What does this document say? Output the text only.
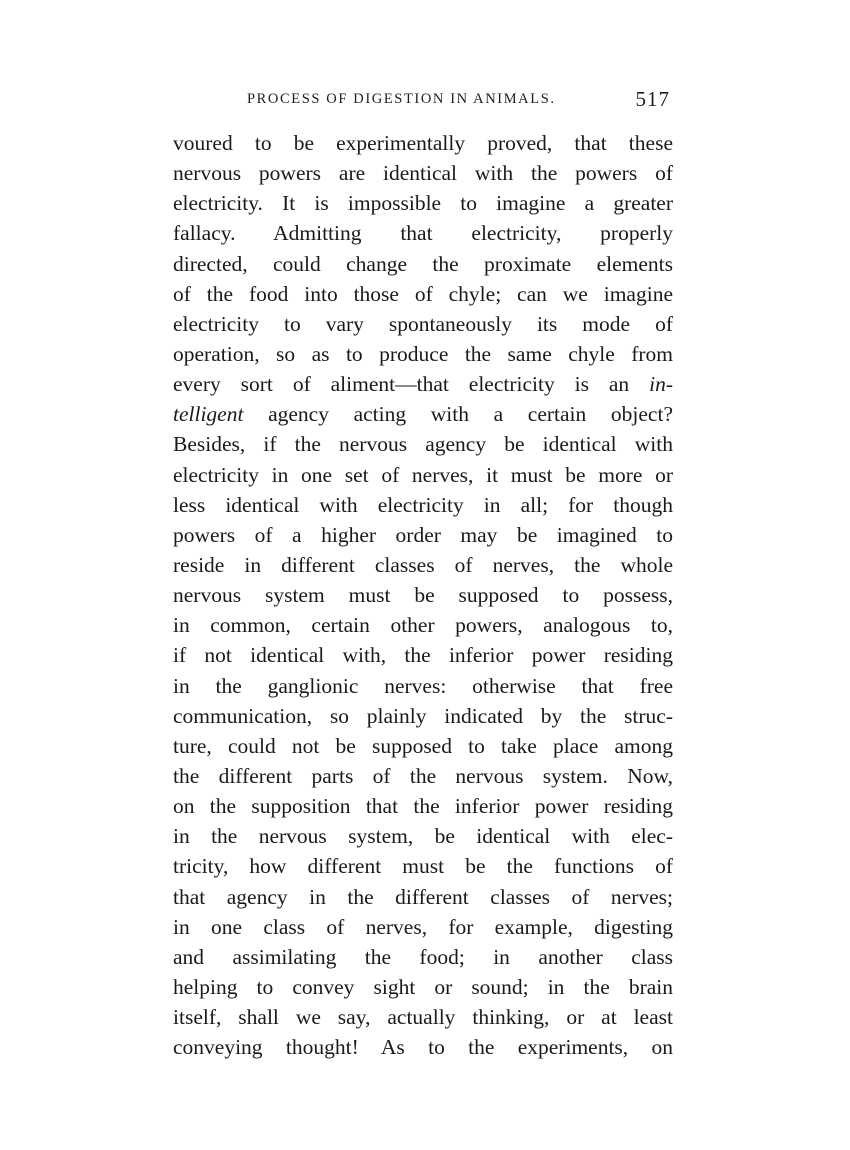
PROCESS OF DIGESTION IN ANIMALS.	517
voured to be experimentally proved, that these
nervous powers are identical with the powers of
electricity. It is impossible to imagine a greater
fallacy. Admitting that electricity, properly
directed, could change the proximate elements
of the food into those of chyle; can we imagine
electricity to vary spontaneously its mode of
operation, so as to produce the same chyle from
every sort of aliment—that electricity is an in-
telligent agency acting with a certain object?
Besides, if the nervous agency be identical with
electricity in one set of nerves, it must be more or
less identical with electricity in all; for though
powers of a higher order may be imagined to
reside in different classes of nerves, the whole
nervous system must be supposed to possess,
in common, certain other powers, analogous to,
if not identical with, the inferior power residing
in the ganglionic nerves: otherwise that free
communication, so plainly indicated by the struc-
ture, could not be supposed to take place among
the different parts of the nervous system. Now,
on the supposition that the inferior power residing
in the nervous system, be identical with elec-
tricity, how different must be the functions of
that agency in the different classes of nerves;
in one class of nerves, for example, digesting
and assimilating the food; in another class
helping to convey sight or sound; in the brain
itself, shall we say, actually thinking, or at least
conveying thought! As to the experiments, on
